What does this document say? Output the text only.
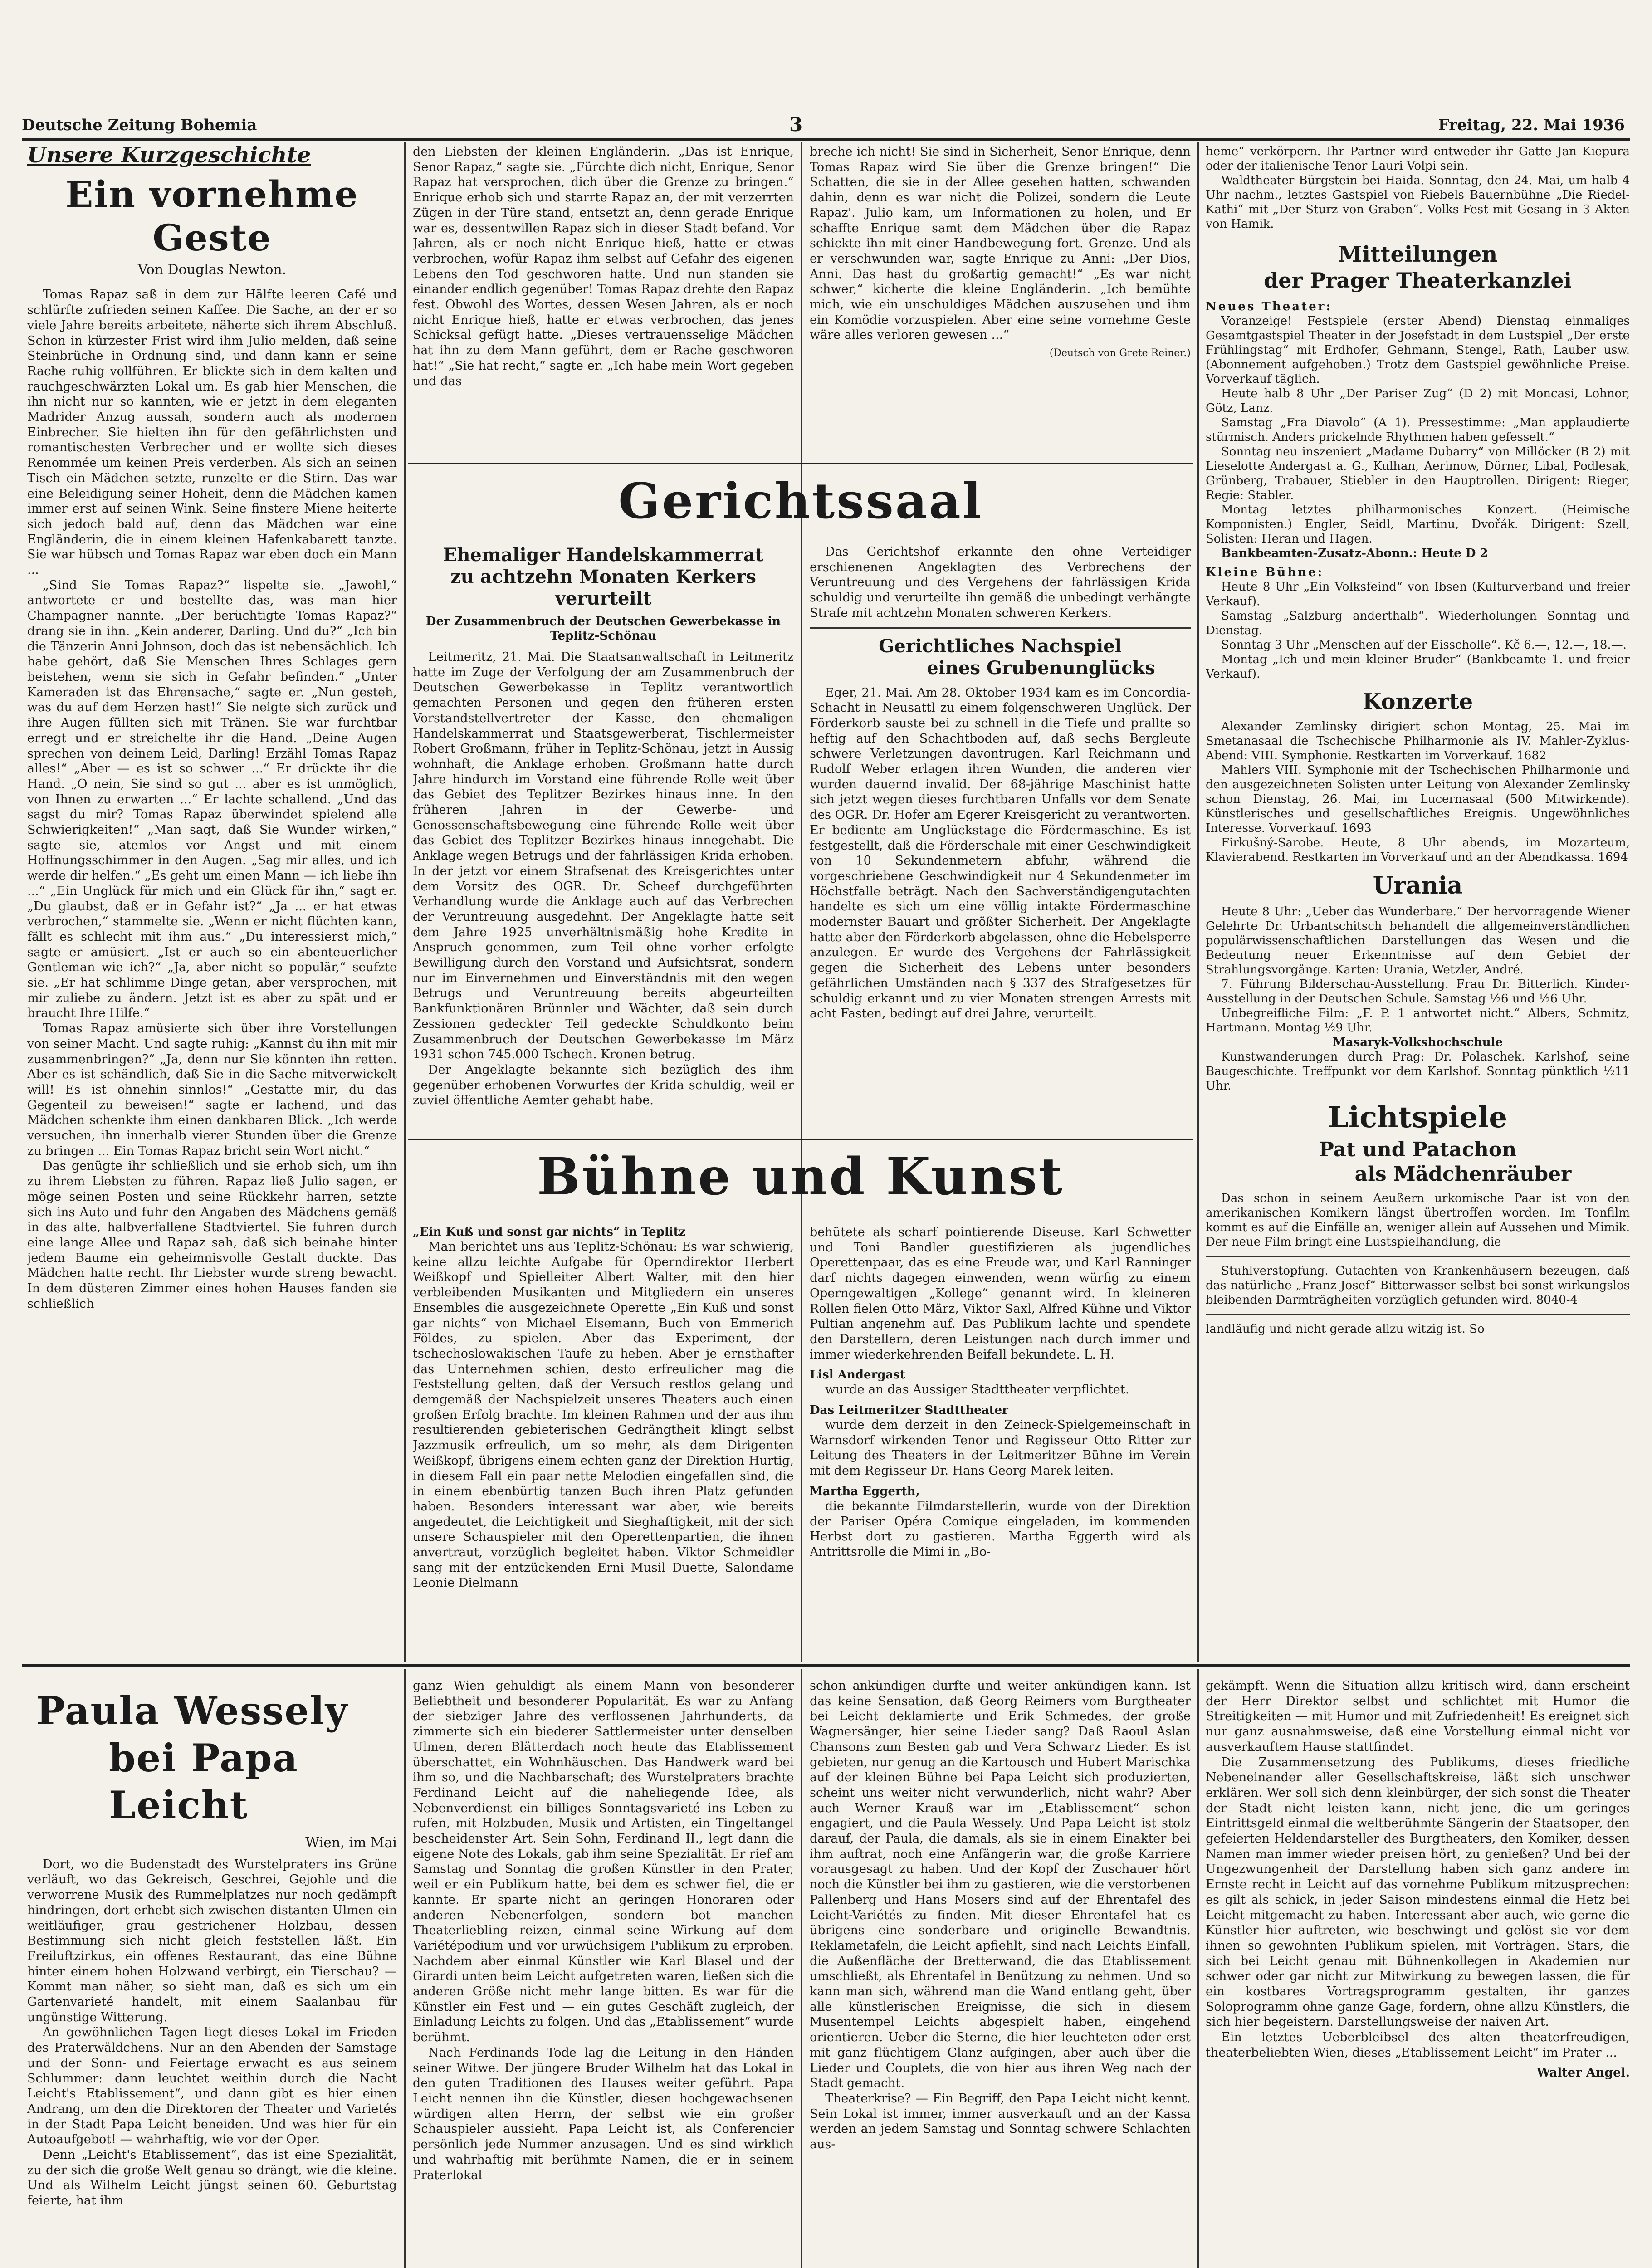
Deutsche Zeitung Bohemia	3	Freitag, 22. Mai 1936
Unsere Kurzgeschichte
Ein vornehme Geste
Von Douglas Newton.

Tomas Rapaz saß in dem zur Hälfte leeren Café und schlürfte zufrieden seinen Kaffee. Die Sache, an der er so viele Jahre bereits arbeitete, näherte sich ihrem Abschluß. Schon in kürzester Frist wird ihm Julio melden, daß seine Steinbrüche in Ordnung sind, und dann kann er seine Rache ruhig vollführen. Er blickte sich in dem kalten und rauchgeschwärzten Lokal um. Es gab hier Menschen, die ihn nicht nur so kannten, wie er jetzt in dem eleganten Madrider Anzug aussah, sondern auch als modernen Einbrecher. Sie hielten ihn für den gefährlichsten und romantischesten Verbrecher und er wollte sich dieses Renommée um keinen Preis verderben. Als sich an seinen Tisch ein Mädchen setzte, runzelte er die Stirn. Das war eine Beleidigung seiner Hoheit, denn die Mädchen kamen immer erst auf seinen Wink. Seine finstere Miene heiterte sich jedoch bald auf, denn das Mädchen war eine Engländerin, die in einem kleinen Hafenkabarett tanzte. Sie war hübsch und Tomas Rapaz war eben doch ein Mann ...

„Sind Sie Tomas Rapaz?“ lispelte sie. „Jawohl,“ antwortete er und bestellte das, was man hier Champagner nannte. „Der berüchtigte Tomas Rapaz?“ drang sie in ihn. „Kein anderer, Darling. Und du?“ „Ich bin die Tänzerin Anni Johnson, doch das ist nebensächlich. Ich habe gehört, daß Sie Menschen Ihres Schlages gern beistehen, wenn sie sich in Gefahr befinden.“ „Unter Kameraden ist das Ehrensache,“ sagte er. „Nun gesteh, was du auf dem Herzen hast!“ Sie neigte sich zurück und ihre Augen füllten sich mit Tränen. Sie war furchtbar erregt und er streichelte ihr die Hand. „Deine Augen sprechen von deinem Leid, Darling! Erzähl Tomas Rapaz alles!“ „Aber — es ist so schwer ...“ Er drückte ihr die Hand. „O nein, Sie sind so gut ... aber es ist unmöglich, von Ihnen zu erwarten ...“ Er lachte schallend. „Und das sagst du mir? Tomas Rapaz überwindet spielend alle Schwierigkeiten!“ „Man sagt, daß Sie Wunder wirken,“ sagte sie, atemlos vor Angst und mit einem Hoffnungsschimmer in den Augen. „Sag mir alles, und ich werde dir helfen.“ „Es geht um einen Mann — ich liebe ihn ...“ „Ein Unglück für mich und ein Glück für ihn,“ sagt er. „Du glaubst, daß er in Gefahr ist?“ „Ja ... er hat etwas verbrochen,“ stammelte sie. „Wenn er nicht flüchten kann, fällt es schlecht mit ihm aus.“ „Du interessierst mich,“ sagte er amüsiert. „Ist er auch so ein abenteuerlicher Gentleman wie ich?“ „Ja, aber nicht so populär,“ seufzte sie. „Er hat schlimme Dinge getan, aber versprochen, mit mir zuliebe zu ändern. Jetzt ist es aber zu spät und er braucht Ihre Hilfe.“

Tomas Rapaz amüsierte sich über ihre Vorstellungen von seiner Macht. Und sagte ruhig: „Kannst du ihn mit mir zusammenbringen?“ „Ja, denn nur Sie könnten ihn retten. Aber es ist schändlich, daß Sie in die Sache mitverwickelt will! Es ist ohnehin sinnlos!“ „Gestatte mir, du das Gegenteil zu beweisen!“ sagte er lachend, und das Mädchen schenkte ihm einen dankbaren Blick. „Ich werde versuchen, ihn innerhalb vierer Stunden über die Grenze zu bringen ... Ein Tomas Rapaz bricht sein Wort nicht.“

Das genügte ihr schließlich und sie erhob sich, um ihn zu ihrem Liebsten zu führen. Rapaz ließ Julio sagen, er möge seinen Posten und seine Rückkehr harren, setzte sich ins Auto und fuhr den Angaben des Mädchens gemäß in das alte, halbverfallene Stadtviertel. Sie fuhren durch eine lange Allee und Rapaz sah, daß sich beinahe hinter jedem Baume ein geheimnisvolle Gestalt duckte. Das Mädchen hatte recht. Ihr Liebster wurde streng bewacht. In dem düsteren Zimmer eines hohen Hauses fanden sie schließlich

den Liebsten der kleinen Engländerin. „Das ist Enrique, Senor Rapaz,“ sagte sie. „Fürchte dich nicht, Enrique, Senor Rapaz hat versprochen, dich über die Grenze zu bringen.“ Enrique erhob sich und starrte Rapaz an, der mit verzerrten Zügen in der Türe stand, entsetzt an, denn gerade Enrique war es, dessentwillen Rapaz sich in dieser Stadt befand. Vor Jahren, als er noch nicht Enrique hieß, hatte er etwas verbrochen, wofür Rapaz ihm selbst auf Gefahr des eigenen Lebens den Tod geschworen hatte. Und nun standen sie einander endlich gegenüber! Tomas Rapaz drehte den Rapaz fest. Obwohl des Wortes, dessen Wesen Jahren, als er noch nicht Enrique hieß, hatte er etwas verbrochen, das jenes Schicksal gefügt hatte. „Dieses vertrauensselige Mädchen hat ihn zu dem Mann geführt, dem er Rache geschworen hat!“ „Sie hat recht,“ sagte er. „Ich habe mein Wort gegeben und das

breche ich nicht! Sie sind in Sicherheit, Senor Enrique, denn Tomas Rapaz wird Sie über die Grenze bringen!“ Die Schatten, die sie in der Allee gesehen hatten, schwanden dahin, denn es war nicht die Polizei, sondern die Leute Rapaz'. Julio kam, um Informationen zu holen, und Er schaffte Enrique samt dem Mädchen über die Rapaz schickte ihn mit einer Handbewegung fort. Grenze. Und als er verschwunden war, sagte Enrique zu Anni: „Der Dios, Anni. Das hast du großartig gemacht!“ „Es war nicht schwer,“ kicherte die kleine Engländerin. „Ich bemühte mich, wie ein unschuldiges Mädchen auszusehen und ihm ein Komödie vorzuspielen. Aber eine seine vornehme Geste wäre alles verloren gewesen ...“

(Deutsch von Grete Reiner.)
Gerichtssaal
Ehemaliger Handelskammerrat
zu achtzehn Monaten Kerkers
verurteilt
Der Zusammenbruch der Deutschen Gewerbekasse in Teplitz-Schönau

Leitmeritz, 21. Mai. Die Staatsanwaltschaft in Leitmeritz hatte im Zuge der Verfolgung der am Zusammenbruch der Deutschen Gewerbekasse in Teplitz verantwortlich gemachten Personen und gegen den früheren ersten Vorstandstellvertreter der Kasse, den ehemaligen Handelskammerrat und Staatsgewerberat, Tischlermeister Robert Großmann, früher in Teplitz-Schönau, jetzt in Aussig wohnhaft, die Anklage erhoben. Großmann hatte durch Jahre hindurch im Vorstand eine führende Rolle weit über das Gebiet des Teplitzer Bezirkes hinaus inne. In den früheren Jahren in der Gewerbe- und Genossenschaftsbewegung eine führende Rolle weit über das Gebiet des Teplitzer Bezirkes hinaus innegehabt. Die Anklage wegen Betrugs und der fahrlässigen Krida erhoben. In der jetzt vor einem Strafsenat des Kreisgerichtes unter dem Vorsitz des OGR. Dr. Scheef durchgeführten Verhandlung wurde die Anklage auch auf das Verbrechen der Veruntreuung ausgedehnt. Der Angeklagte hatte seit dem Jahre 1925 unverhältnismäßig hohe Kredite in Anspruch genommen, zum Teil ohne vorher erfolgte Bewilligung durch den Vorstand und Aufsichtsrat, sondern nur im Einvernehmen und Einverständnis mit den wegen Betrugs und Veruntreuung bereits abgeurteilten Bankfunktionären Brünnler und Wächter, daß sein durch Zessionen gedeckter Teil gedeckte Schuldkonto beim Zusammenbruch der Deutschen Gewerbekasse im März 1931 schon 745.000 Tschech. Kronen betrug.

Der Angeklagte bekannte sich bezüglich des ihm gegenüber erhobenen Vorwurfes der Krida schuldig, weil er zuviel öffentliche Aemter gehabt habe.

Das Gerichtshof erkannte den ohne Verteidiger erschienenen Angeklagten des Verbrechens der Veruntreuung und des Vergehens der fahrlässigen Krida schuldig und verurteilte ihn gemäß die unbedingt verhängte Strafe mit achtzehn Monaten schweren Kerkers.

Gerichtliches Nachspiel
eines Grubenunglücks

Eger, 21. Mai. Am 28. Oktober 1934 kam es im Concordia-Schacht in Neusattl zu einem folgenschweren Unglück. Der Förderkorb sauste bei zu schnell in die Tiefe und prallte so heftig auf den Schachtboden auf, daß sechs Bergleute schwere Verletzungen davontrugen. Karl Reichmann und Rudolf Weber erlagen ihren Wunden, die anderen vier wurden dauernd invalid. Der 68-jährige Maschinist hatte sich jetzt wegen dieses furchtbaren Unfalls vor dem Senate des OGR. Dr. Hofer am Egerer Kreisgericht zu verantworten. Er bediente am Unglückstage die Fördermaschine. Es ist festgestellt, daß die Förderschale mit einer Geschwindigkeit von 10 Sekundenmetern abfuhr, während die vorgeschriebene Geschwindigkeit nur 4 Sekundenmeter im Höchstfalle beträgt. Nach den Sachverständigengutachten handelte es sich um eine völlig intakte Fördermaschine modernster Bauart und größter Sicherheit. Der Angeklagte hatte aber den Förderkorb abgelassen, ohne die Hebelsperre anzulegen. Er wurde des Vergehens der Fahrlässigkeit gegen die Sicherheit des Lebens unter besonders gefährlichen Umständen nach § 337 des Strafgesetzes für schuldig erkannt und zu vier Monaten strengen Arrests mit acht Fasten, bedingt auf drei Jahre, verurteilt.

Bühne und Kunst
„Ein Kuß und sonst gar nichts“ in Teplitz

Man berichtet uns aus Teplitz-Schönau: Es war schwierig, keine allzu leichte Aufgabe für Operndirektor Herbert Weißkopf und Spielleiter Albert Walter, mit den hier verbleibenden Musikanten und Mitgliedern ein unseres Ensembles die ausgezeichnete Operette „Ein Kuß und sonst gar nichts“ von Michael Eisemann, Buch von Emmerich Földes, zu spielen. Aber das Experiment, der tschechoslowakischen Taufe zu heben. Aber je ernsthafter das Unternehmen schien, desto erfreulicher mag die Feststellung gelten, daß der Versuch restlos gelang und demgemäß der Nachspielzeit unseres Theaters auch einen großen Erfolg brachte. Im kleinen Rahmen und der aus ihm resultierenden gebieterischen Gedrängtheit klingt selbst Jazzmusik erfreulich, um so mehr, als dem Dirigenten Weißkopf, übrigens einem echten ganz der Direktion Hurtig, in diesem Fall ein paar nette Melodien eingefallen sind, die in einem ebenbürtig tanzen Buch ihren Platz gefunden haben. Besonders interessant war aber, wie bereits angedeutet, die Leichtigkeit und Sieghaftigkeit, mit der sich unsere Schauspieler mit den Operettenpartien, die ihnen anvertraut, vorzüglich begleitet haben. Viktor Schmeidler sang mit der entzückenden Erni Musil Duette, Salondame Leonie Dielmann

behütete als scharf pointierende Diseuse. Karl Schwetter und Toni Bandler guestifizieren als jugendliches Operettenpaar, das es eine Freude war, und Karl Ranninger darf nichts dagegen einwenden, wenn würfig zu einem Operngewaltigen „Kollege“ genannt wird. In kleineren Rollen fielen Otto März, Viktor Saxl, Alfred Kühne und Viktor Pultian angenehm auf. Das Publikum lachte und spendete den Darstellern, deren Leistungen nach durch immer und immer wiederkehrenden Beifall bekundete. L. H.

Lisl Andergast

wurde an das Aussiger Stadttheater verpflichtet.

Das Leitmeritzer Stadttheater

wurde dem derzeit in den Zeineck-Spielgemeinschaft in Warnsdorf wirkenden Tenor und Regisseur Otto Ritter zur Leitung des Theaters in der Leitmeritzer Bühne im Verein mit dem Regisseur Dr. Hans Georg Marek leiten.

Martha Eggerth,

die bekannte Filmdarstellerin, wurde von der Direktion der Pariser Opéra Comique eingeladen, im kommenden Herbst dort zu gastieren. Martha Eggerth wird als Antrittsrolle die Mimi in „Bo-

heme“ verkörpern. Ihr Partner wird entweder ihr Gatte Jan Kiepura oder der italienische Tenor Lauri Volpi sein.

Waldtheater Bürgstein bei Haida. Sonntag, den 24. Mai, um halb 4 Uhr nachm., letztes Gastspiel von Riebels Bauernbühne „Die Riedel-Kathi“ mit „Der Sturz von Graben“. Volks-Fest mit Gesang in 3 Akten von Hamik.

Mitteilungen
der Prager Theaterkanzlei
Neues Theater:

Voranzeige! Festspiele (erster Abend) Dienstag einmaliges Gesamtgastspiel Theater in der Josefstadt in dem Lustspiel „Der erste Frühlingstag“ mit Erdhofer, Gehmann, Stengel, Rath, Lauber usw. (Abonnement aufgehoben.) Trotz dem Gastspiel gewöhnliche Preise. Vorverkauf täglich.

Heute halb 8 Uhr „Der Pariser Zug“ (D 2) mit Moncasi, Lohnor, Götz, Lanz.

Samstag „Fra Diavolo“ (A 1). Pressestimme: „Man applaudierte stürmisch. Anders prickelnde Rhythmen haben gefesselt.“

Sonntag neu inszeniert „Madame Dubarry“ von Millöcker (B 2) mit Lieselotte Andergast a. G., Kulhan, Aerimow, Dörner, Libal, Podlesak, Grünberg, Trabauer, Stiebler in den Hauptrollen. Dirigent: Rieger, Regie: Stabler.

Montag letztes philharmonisches Konzert. (Heimische Komponisten.) Engler, Seidl, Martinu, Dvořák. Dirigent: Szell, Solisten: Heran und Hagen.

Bankbeamten-Zusatz-Abonn.: Heute D 2

Kleine Bühne:

Heute 8 Uhr „Ein Volksfeind“ von Ibsen (Kulturverband und freier Verkauf).

Samstag „Salzburg anderthalb“. Wiederholungen Sonntag und Dienstag.

Sonntag 3 Uhr „Menschen auf der Eisscholle“. Kč 6.—, 12.—, 18.—.

Montag „Ich und mein kleiner Bruder“ (Bankbeamte 1. und freier Verkauf).

Konzerte

Alexander Zemlinsky dirigiert schon Montag, 25. Mai im Smetanasaal die Tschechische Philharmonie als IV. Mahler-Zyklus-Abend: VIII. Symphonie. Restkarten im Vorverkauf. 1682

Mahlers VIII. Symphonie mit der Tschechischen Philharmonie und den ausgezeichneten Solisten unter Leitung von Alexander Zemlinsky schon Dienstag, 26. Mai, im Lucernasaal (500 Mitwirkende). Künstlerisches und gesellschaftliches Ereignis. Ungewöhnliches Interesse. Vorverkauf. 1693

Firkušný-Sarobe. Heute, 8 Uhr abends, im Mozarteum, Klavierabend. Restkarten im Vorverkauf und an der Abendkassa. 1694

Urania

Heute 8 Uhr: „Ueber das Wunderbare.“ Der hervorragende Wiener Gelehrte Dr. Urbantschitsch behandelt die allgemeinverständlichen populärwissenschaftlichen Darstellungen das Wesen und die Bedeutung neuer Erkenntnisse auf dem Gebiet der Strahlungsvorgänge. Karten: Urania, Wetzler, André.

7. Führung Bilderschau-Ausstellung. Frau Dr. Bitterlich. Kinder-Ausstellung in der Deutschen Schule. Samstag ½6 und ½6 Uhr.

Unbegreifliche Film: „F. P. 1 antwortet nicht.“ Albers, Schmitz, Hartmann. Montag ½9 Uhr.

Masaryk-Volkshochschule

Kunstwanderungen durch Prag: Dr. Polaschek. Karlshof, seine Baugeschichte. Treffpunkt vor dem Karlshof. Sonntag pünktlich ½11 Uhr.

Lichtspiele
Pat und Patachon
als Mädchenräuber

Das schon in seinem Aeußern urkomische Paar ist von den amerikanischen Komikern längst übertroffen worden. Im Tonfilm kommt es auf die Einfälle an, weniger allein auf Aussehen und Mimik. Der neue Film bringt eine Lustspielhandlung, die

Stuhlverstopfung. Gutachten von Krankenhäusern bezeugen, daß das natürliche „Franz-Josef“-Bitterwasser selbst bei sonst wirkungslos bleibenden Darmträgheiten vorzüglich gefunden wird. 8040-4

landläufig und nicht gerade allzu witzig ist. So

Paula Wessely
bei Papa Leicht
Wien, im Mai

Dort, wo die Budenstadt des Wurstelpraters ins Grüne verläuft, wo das Gekreisch, Geschrei, Gejohle und die verworrene Musik des Rummelplatzes nur noch gedämpft hindringen, dort erhebt sich zwischen distanten Ulmen ein weitläufiger, grau gestrichener Holzbau, dessen Bestimmung sich nicht gleich feststellen läßt. Ein Freiluftzirkus, ein offenes Restaurant, das eine Bühne hinter einem hohen Holzwand verbirgt, ein Tierschau? — Kommt man näher, so sieht man, daß es sich um ein Gartenvarieté handelt, mit einem Saalanbau für ungünstige Witterung.

An gewöhnlichen Tagen liegt dieses Lokal im Frieden des Praterwäldchens. Nur an den Abenden der Samstage und der Sonn- und Feiertage erwacht es aus seinem Schlummer: dann leuchtet weithin durch die Nacht Leicht's Etablissement“, und dann gibt es hier einen Andrang, um den die Direktoren der Theater und Varietés in der Stadt Papa Leicht beneiden. Und was hier für ein Autoaufgebot! — wahrhaftig, wie vor der Oper.

Denn „Leicht's Etablissement“, das ist eine Spezialität, zu der sich die große Welt genau so drängt, wie die kleine. Und als Wilhelm Leicht jüngst seinen 60. Geburtstag feierte, hat ihm

ganz Wien gehuldigt als einem Mann von besonderer Beliebtheit und besonderer Popularität. Es war zu Anfang der siebziger Jahre des verflossenen Jahrhunderts, da zimmerte sich ein biederer Sattlermeister unter denselben Ulmen, deren Blätterdach noch heute das Etablissement überschattet, ein Wohnhäuschen. Das Handwerk ward bei ihm so, und die Nachbarschaft; des Wurstelpraters brachte Ferdinand Leicht auf die naheliegende Idee, als Nebenverdienst ein billiges Sonntagsvarieté ins Leben zu rufen, mit Holzbuden, Musik und Artisten, ein Tingeltangel bescheidenster Art. Sein Sohn, Ferdinand II., legt dann die eigene Note des Lokals, gab ihm seine Spezialität. Er rief am Samstag und Sonntag die großen Künstler in den Prater, weil er ein Publikum hatte, bei dem es schwer fiel, die er kannte. Er sparte nicht an geringen Honoraren oder anderen Nebenerfolgen, sondern bot manchen Theaterliebling reizen, einmal seine Wirkung auf dem Variétépodium und vor urwüchsigem Publikum zu erproben. Nachdem aber einmal Künstler wie Karl Blasel und der Girardi unten beim Leicht aufgetreten waren, ließen sich die anderen Größe nicht mehr lange bitten. Es war für die Künstler ein Fest und — ein gutes Geschäft zugleich, der Einladung Leichts zu folgen. Und das „Etablissement“ wurde berühmt.

Nach Ferdinands Tode lag die Leitung in den Händen seiner Witwe. Der jüngere Bruder Wilhelm hat das Lokal in den guten Traditionen des Hauses weiter geführt. Papa Leicht nennen ihn die Künstler, diesen hochgewachsenen würdigen alten Herrn, der selbst wie ein großer Schauspieler aussieht. Papa Leicht ist, als Conferencier persönlich jede Nummer anzusagen. Und es sind wirklich und wahrhaftig mit berühmte Namen, die er in seinem Praterlokal

schon ankündigen durfte und weiter ankündigen kann. Ist das keine Sensation, daß Georg Reimers vom Burgtheater bei Leicht deklamierte und Erik Schmedes, der große Wagnersänger, hier seine Lieder sang? Daß Raoul Aslan Chansons zum Besten gab und Vera Schwarz Lieder. Es ist gebieten, nur genug an die Kartousch und Hubert Marischka auf der kleinen Bühne bei Papa Leicht sich produzierten, scheint uns weiter nicht verwunderlich, nicht wahr? Aber auch Werner Krauß war im „Etablissement“ schon engagiert, und die Paula Wessely. Und Papa Leicht ist stolz darauf, der Paula, die damals, als sie in einem Einakter bei ihm auftrat, noch eine Anfängerin war, die große Karriere vorausgesagt zu haben. Und der Kopf der Zuschauer hört noch die Künstler bei ihm zu gastieren, wie die verstorbenen Pallenberg und Hans Mosers sind auf der Ehrentafel des Leicht-Variétés zu finden. Mit dieser Ehrentafel hat es übrigens eine sonderbare und originelle Bewandtnis. Reklametafeln, die Leicht apfiehlt, sind nach Leichts Einfall, die Außenfläche der Bretterwand, die das Etablissement umschließt, als Ehrentafel in Benützung zu nehmen. Und so kann man sich, während man die Wand entlang geht, über alle künstlerischen Ereignisse, die sich in diesem Musentempel Leichts abgespielt haben, eingehend orientieren. Ueber die Sterne, die hier leuchteten oder erst mit ganz flüchtigem Glanz aufgingen, aber auch über die Lieder und Couplets, die von hier aus ihren Weg nach der Stadt gemacht.

Theaterkrise? — Ein Begriff, den Papa Leicht nicht kennt. Sein Lokal ist immer, immer ausverkauft und an der Kassa werden an jedem Samstag und Sonntag schwere Schlachten aus-

gekämpft. Wenn die Situation allzu kritisch wird, dann erscheint der Herr Direktor selbst und schlichtet mit Humor die Streitigkeiten — mit Humor und mit Zufriedenheit! Es ereignet sich nur ganz ausnahmsweise, daß eine Vorstellung einmal nicht vor ausverkauftem Hause stattfindet.

Die Zusammensetzung des Publikums, dieses friedliche Nebeneinander aller Gesellschaftskreise, läßt sich unschwer erklären. Wer soll sich denn kleinbürger, der sich sonst die Theater der Stadt nicht leisten kann, nicht jene, die um geringes Eintrittsgeld einmal die weltberühmte Sängerin der Staatsoper, den gefeierten Heldendarsteller des Burgtheaters, den Komiker, dessen Namen man immer wieder preisen hört, zu genießen? Und bei der Ungezwungenheit der Darstellung haben sich ganz andere im Ernste recht in Leicht auf das vornehme Publikum mitzusprechen: es gilt als schick, in jeder Saison mindestens einmal die Hetz bei Leicht mitgemacht zu haben. Interessant aber auch, wie gerne die Künstler hier auftreten, wie beschwingt und gelöst sie vor dem ihnen so gewohnten Publikum spielen, mit Vorträgen. Stars, die sich bei Leicht genau mit Bühnenkollegen in Akademien nur schwer oder gar nicht zur Mitwirkung zu bewegen lassen, die für ein kostbares Vortragsprogramm gestalten, ihr ganzes Soloprogramm ohne ganze Gage, fordern, ohne allzu Künstlers, die sich hier begeistern. Darstellungsweise der naiven Art.

Ein letztes Ueberbleibsel des alten theaterfreudigen, theaterbeliebten Wien, dieses „Etablissement Leicht“ im Prater ...

Walter Angel.
